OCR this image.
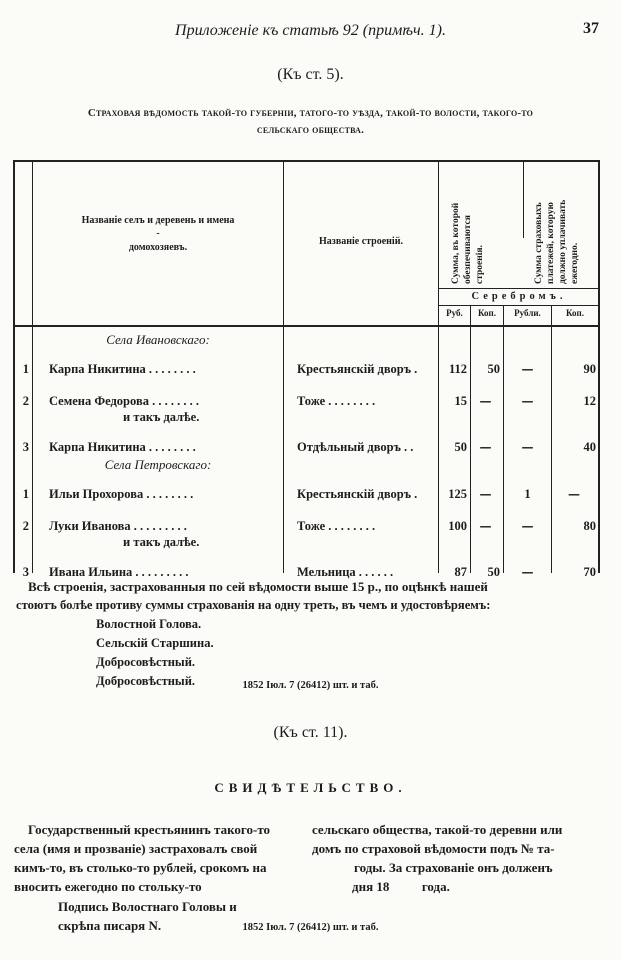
Приложеніе къ статьѣ 92 (примѣч. 1).	37
(Къ ст. 5).
Страховая вѣдомость такой-то губерніи, татого-то уѣзда, такой-то волости, такого-то
сельскаго общества.
Названіе селъ и деревень и имена
-
домохозяевъ.
Названіе строеній.	Сумма, въ которой обезпечиваются строенія.	Сумма страховыхъ платежей, которую должно уплачивать ежегодно.
Серебромъ.
Руб.	Коп.	Рубли.	Коп.
Села Ивановскаго:
1 Карпа Никитина . . . . . . . .	Крестьянскій дворъ .	112	50	—	90
2 Семена Федорова . . . . . . . .
и такъ далѣе.
Тоже . . . . . . . .	15	—	—	12
3 Карпа Никитина . . . . . . . .	Отдѣльный дворъ . .	50	—	—	40
Села Петровскаго:
1 Ильи Прохорова . . . . . . . .	Крестьянскій дворъ .	125	—	1	—
2 Луки Иванова . . . . . . . . .
и такъ далѣе.
Тоже . . . . . . . .	100	—	—	80
3 Ивана Ильина . . . . . . . . .	Мельница . . . . . .	87	50	—	70
Всѣ строенія, застрахованныя по сей вѣдомости выше 15 р., по оцѣнкѣ нашей
стоютъ болѣе противу суммы страхованія на одну треть, въ чемъ и удостовѣряемъ:
Волостной Голова.
Сельскій Старшина.
Добросовѣстный.
Добросовѣстный.	1852 Іюл. 7 (26412) шт. и таб.
(Къ ст. 11).
СВИДѢТЕЛЬСТВО.
Государственный крестьянинъ такого-то
села (имя и прозваніе) застраховалъ свой
кимъ-то, въ столько-то рублей, срокомъ на
вносить ежегодно по стольку-то
Подпись Волостнаго Головы и
скрѣпа писаря N.
сельскаго общества, такой-то деревни или
домъ по страховой вѣдомости подъ № та-
годы. За страхованіе онъ долженъ
дня 18          года.
1852 Іюл. 7 (26412) шт. и таб.
